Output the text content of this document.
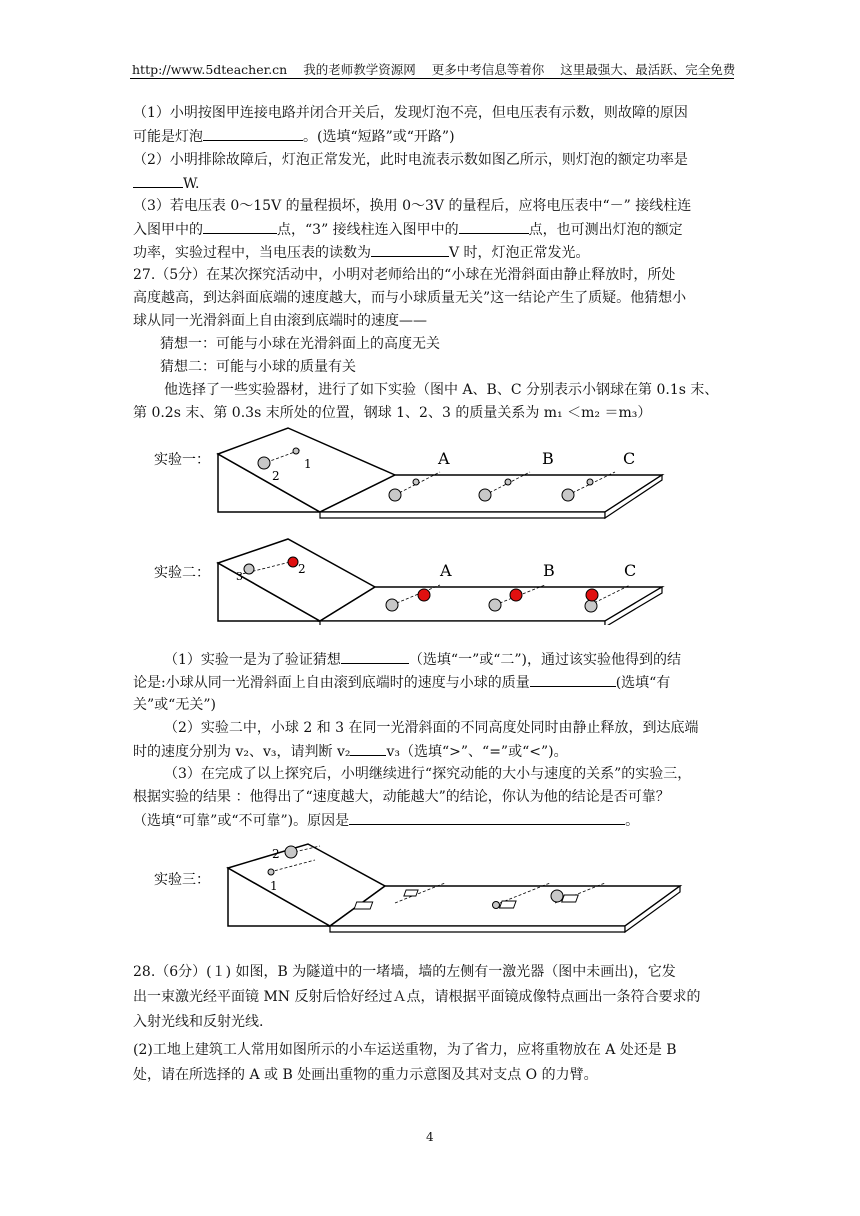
http://www.5dteacher.cn 我的老师教学资源网 更多中考信息等着你 这里最强大、最活跃、完全免费
（1）小明按图甲连接电路并闭合开关后，发现灯泡不亮，但电压表有示数，则故障的原因
可能是灯泡	。(选填“短路”或“开路”)
（2）小明排除故障后，灯泡正常发光，此时电流表示数如图乙所示，则灯泡的额定功率是
W.
（3）若电压表 0～15V 的量程损坏，换用 0～3V 的量程后，应将电压表中“－” 接线柱连
入图甲中的	点，“3” 接线柱连入图甲中的	点，也可测出灯泡的额定
功率，实验过程中，当电压表的读数为	V 时，灯泡正常发光。
27.（5分）在某次探究活动中，小明对老师给出的“小球在光滑斜面由静止释放时，所处
高度越高，到达斜面底端的速度越大，而与小球质量无关”这一结论产生了质疑。他猜想小
球从同一光滑斜面上自由滚到底端时的速度——
猜想一：可能与小球在光滑斜面上的高度无关
猜想二：可能与小球的质量有关
他选择了一些实验器材，进行了如下实验（图中 A、B、C 分别表示小钢球在第 0.1s 末、
第 0.2s 末、第 0.3s 末所处的位置，钢球 1、2、3 的质量关系为 m₁ ＜m₂ ＝m₃）
实验一：	1
2
A	B	C
实验二： 3
2	A	B	C
（1）实验一是为了验证猜想	（选填“一”或“二”)，通过该实验他得到的结
论是:小球从同一光滑斜面上自由滚到底端时的速度与小球的质量	(选填“有
关”或“无关”)
（2）实验二中，小球 2 和 3 在同一光滑斜面的不同高度处同时由静止释放，到达底端
时的速度分别为 v₂、v₃，请判断 v₂	v₃（选填“>”、“=”或“<”)。
（3）在完成了以上探究后，小明继续进行“探究动能的大小与速度的关系”的实验三，
根据实验的结果 ：他得出了“速度越大，动能越大”的结论，你认为他的结论是否可靠？
（选填“可靠”或“不可靠”)。原因是	。
实验三：
2
1
28.（6分）(１) 如图，B 为隧道中的一堵墙，墙的左侧有一激光器（图中未画出)，它发
出一束激光经平面镜 MN 反射后恰好经过Ａ点，请根据平面镜成像特点画出一条符合要求的
入射光线和反射光线.
(2)工地上建筑工人常用如图所示的小车运送重物，为了省力，应将重物放在 A 处还是 B
处，请在所选择的 A 或 B 处画出重物的重力示意图及其对支点 O 的力臂。
4
